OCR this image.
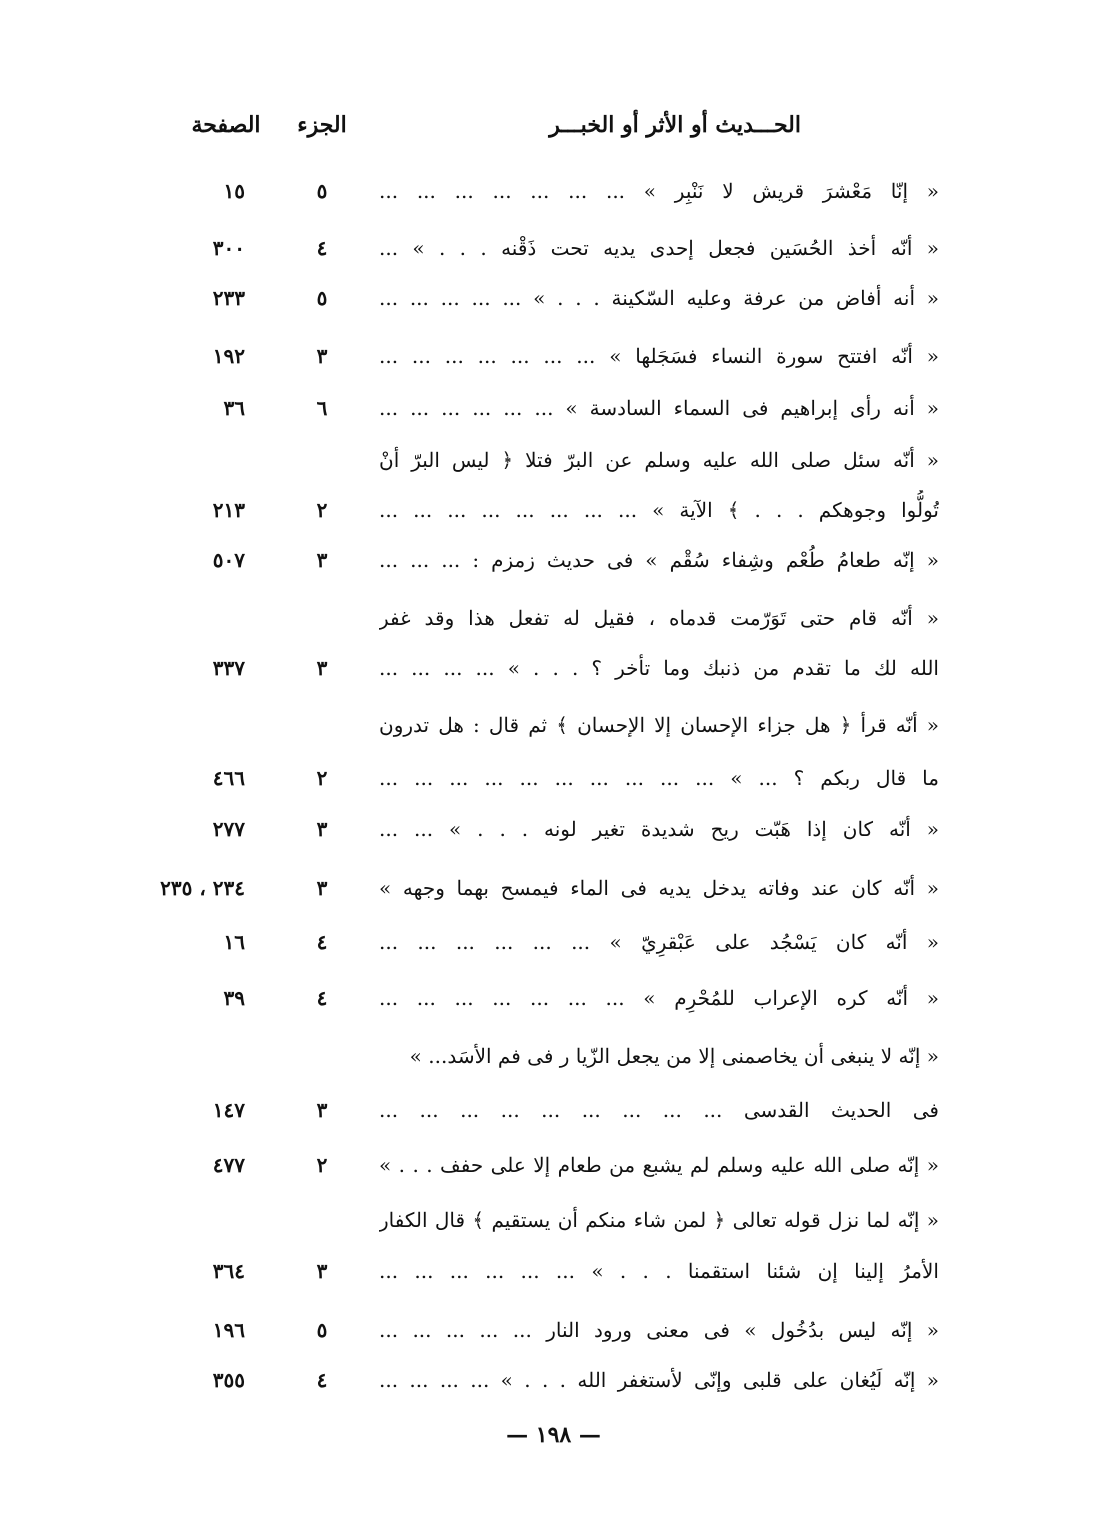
الحـــديث أو الأثر أو الخبـــر
الجزء
الصفحة
« إنّا مَعْشرَ قريش لا نَنْبِر » ... ... ... ... ... ... ...
٥
١٥
« أنّه أخذ الحُسَين فجعل إحدى يديه تحت ذَقْنه . . . » ...
٤
٣٠٠
« أنه أفاض من عرفة وعليه السّكينة . . . » ... ... ... ... ...
٥
٢٣٣
« أنّه افتتح سورة النساء فسَجَلها » ... ... ... ... ... ... ...
٣
١٩٢
« أنه رأى إبراهيم فى السماء السادسة » ... ... ... ... ... ...
٦
٣٦
« أنّه سئل صلى الله عليه وسلم عن البرّ فتلا ﴿ ليس البرّ أنْ
تُولُّوا وجوهكم . . . ﴾ الآية » ... ... ... ... ... ... ... ...
٢
٢١٣
« إنّه طعامُ طُعْم وشِفاء سُقْم » فى حديث زمزم : ... ... ...
٣
٥٠٧
« أنّه قام حتى تَوَرّمت قدماه ، فقيل له تفعل هذا وقد غفر
الله لك ما تقدم من ذنبك وما تأخر ؟ . . . » ... ... ... ...
٣
٣٣٧
« أنّه قرأ ﴿ هل جزاء الإحسان إلا الإحسان ﴾ ثم قال : هل تدرون
ما قال ربكم ؟ ... » ... ... ... ... ... ... ... ... ... ...
٢
٤٦٦
« أنّه كان إذا هَبّت ريح شديدة تغير لونه . . . » ... ...
٣
٢٧٧
« أنّه كان عند وفاته يدخل يديه فى الماء فيمسح بهما وجهه »
٣
٢٣٤ ، ٢٣٥
« أنّه كان يَسْجُد على عَبْقرِيّ » ... ... ... ... ... ...
٤
١٦
« أنّه كره الإعراب للمُحْرِم » ... ... ... ... ... ... ...
٤
٣٩
« إنّه لا ينبغى أن يخاصمنى إلا من يجعل الزّيا ر فى فم الأسَد... »
فى الحديث القدسى ... ... ... ... ... ... ... ... ...
٣
١٤٧
« إنّه صلى الله عليه وسلم لم يشبع من طعام إلا على حفف . . . »
٢
٤٧٧
« إنّه لما نزل قوله تعالى ﴿ لمن شاء منكم أن يستقيم ﴾ قال الكفار
الأمرُ إلينا إن شئنا استقمنا . . . » ... ... ... ... ... ...
٣
٣٦٤
« إنّه ليس بدُخُول » فى معنى ورود النار ... ... ... ... ...
٥
١٩٦
« إنّه لَيُغان على قلبى وإنّى لأستغفر الله . . . » ... ... ... ...
٤
٣٥٥
— ١٩٨ —
